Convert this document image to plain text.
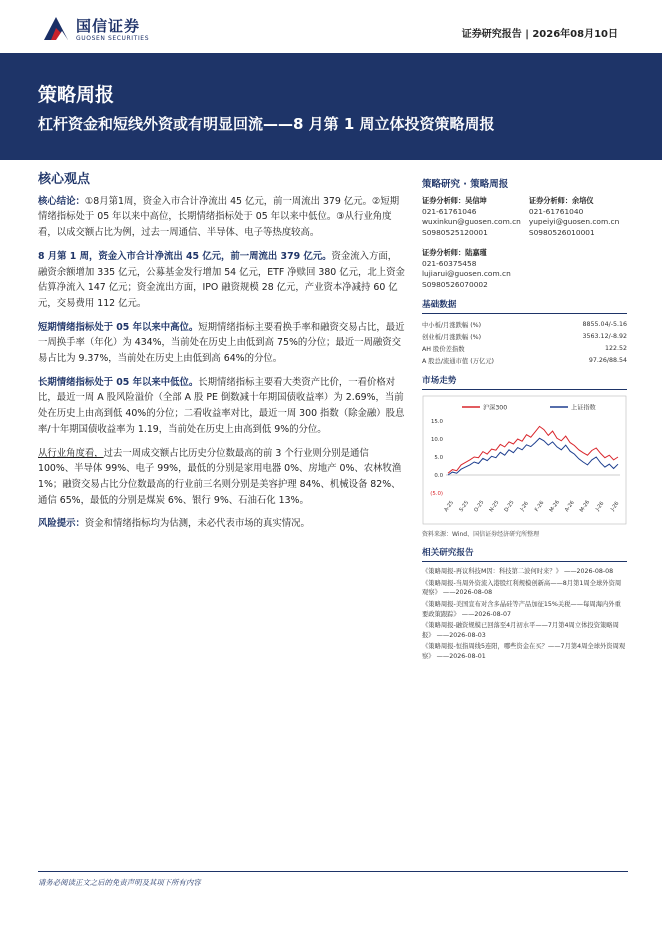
国信证券
GUOSEN SECURITIES	证券研究报告 | 2026年08月10日
策略周报
杠杆资金和短线外资或有明显回流——8 月第 1 周立体投资策略周报
核心观点

核心结论：①8月第1周，资金入市合计净流出 45 亿元，前一周流出 379 亿元。②短期情绪指标处于 05 年以来中高位，长期情绪指标处于 05 年以来中低位。③从行业角度看，以成交额占比为例，过去一周通信、半导体、电子等热度较高。

8 月第 1 周，资金入市合计净流出 45 亿元，前一周流出 379 亿元。资金流入方面，融资余额增加 335 亿元，公募基金发行增加 54 亿元，ETF 净赎回 380 亿元，北上资金估算净流入 147 亿元；资金流出方面，IPO 融资规模 28 亿元，产业资本净减持 60 亿元，交易费用 112 亿元。

短期情绪指标处于 05 年以来中高位。短期情绪指标主要看换手率和融资交易占比，最近一周换手率（年化）为 434%，当前处在历史上由低到高 75%的分位；最近一周融资交易占比为 9.37%，当前处在历史上由低到高 64%的分位。

长期情绪指标处于 05 年以来中低位。长期情绪指标主要看大类资产比价，一看价格对比，最近一周 A 股风险溢价（全部 A 股 PE 倒数减十年期国债收益率）为 2.69%，当前处在历史上由高到低 40%的分位；二看收益率对比，最近一周 300 指数（除金融）股息率/十年期国债收益率为 1.19，当前处在历史上由高到低 9%的分位。

从行业角度看，过去一周成交额占比历史分位数最高的前 3 个行业则分别是通信 100%、半导体 99%、电子 99%，最低的分别是家用电器 0%、房地产 0%、农林牧渔 1%；融资交易占比分位数最高的行业前三名则分别是美容护理 84%、机械设备 82%、通信 65%，最低的分别是煤炭 6%、银行 9%、石油石化 13%。

风险提示：资金和情绪指标均为估测，未必代表市场的真实情况。

策略研究 · 策略周报
证券分析师：吴信坤
021-61761046
wuxinkun@guosen.com.cn
S0980525120001
证券分析师：余培仪
021-61761040
yupeiyi@guosen.com.cn
S0980526010001
证券分析师：陆嘉瑾
021-60375458
lujiarui@guosen.com.cn
S0980526070002
基础数据
中小板/月涨跌幅 (%)	8855.04/-5.16
创业板/月涨跌幅 (%)	3563.12/-8.92
AH 股价差指数	122.52
A 股总/流通市值 (万亿元)	97.26/88.54
市场走势
沪深300	上证指数
15.0
10.0
5.0
0.0
(5.0)
A-25 S-25 O-25 N-25 D-25 J-26 F-26 M-26 A-26 M-26 J-26 J-26
资料来源：Wind、国信证券经济研究所整理
相关研究报告
《策略周报-再议科技M因：科技第二波何时来？》 ——2026-08-08
《策略周报-当周外资流入港股红利规模创新高——8月第1周全球外资周观察》 ——2026-08-08
《策略周报-美国宣布对含多晶硅等产品加征15%关税——每周海内外重要政策跟踪》 ——2026-08-07
《策略周报-融资规模已回落至4月初水平——7月第4周立体投资策略周报》 ——2026-08-03
《策略周报-恒指周线5连阳，哪些资金在买？——7月第4周全球外资周观察》 ——2026-08-01
请务必阅读正文之后的免责声明及其项下所有内容
